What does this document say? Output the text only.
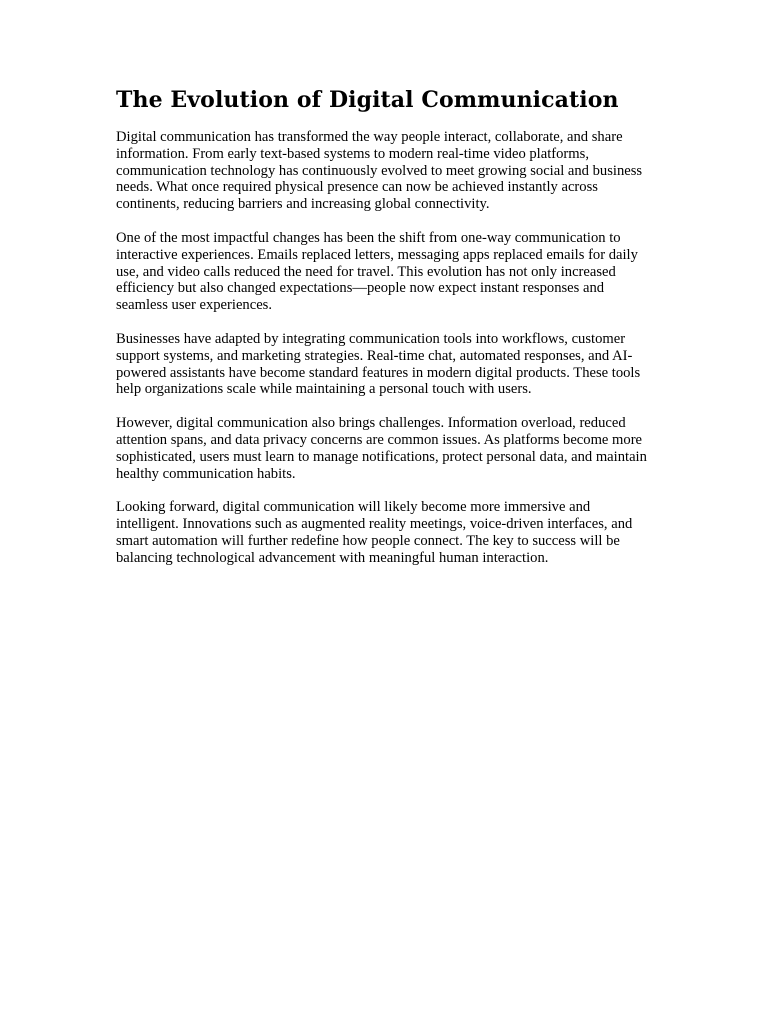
The Evolution of Digital Communication

Digital communication has transformed the way people interact, collaborate, and share information. From early text-based systems to modern real-time video platforms, communication technology has continuously evolved to meet growing social and business needs. What once required physical presence can now be achieved instantly across continents, reducing barriers and increasing global connectivity.

One of the most impactful changes has been the shift from one-way communication to interactive experiences. Emails replaced letters, messaging apps replaced emails for daily use, and video calls reduced the need for travel. This evolution has not only increased efficiency but also changed expectations—people now expect instant responses and seamless user experiences.

Businesses have adapted by integrating communication tools into workflows, customer support systems, and marketing strategies. Real-time chat, automated responses, and AI-powered assistants have become standard features in modern digital products. These tools help organizations scale while maintaining a personal touch with users.

However, digital communication also brings challenges. Information overload, reduced attention spans, and data privacy concerns are common issues. As platforms become more sophisticated, users must learn to manage notifications, protect personal data, and maintain healthy communication habits.

Looking forward, digital communication will likely become more immersive and intelligent. Innovations such as augmented reality meetings, voice-driven interfaces, and smart automation will further redefine how people connect. The key to success will be balancing technological advancement with meaningful human interaction.
